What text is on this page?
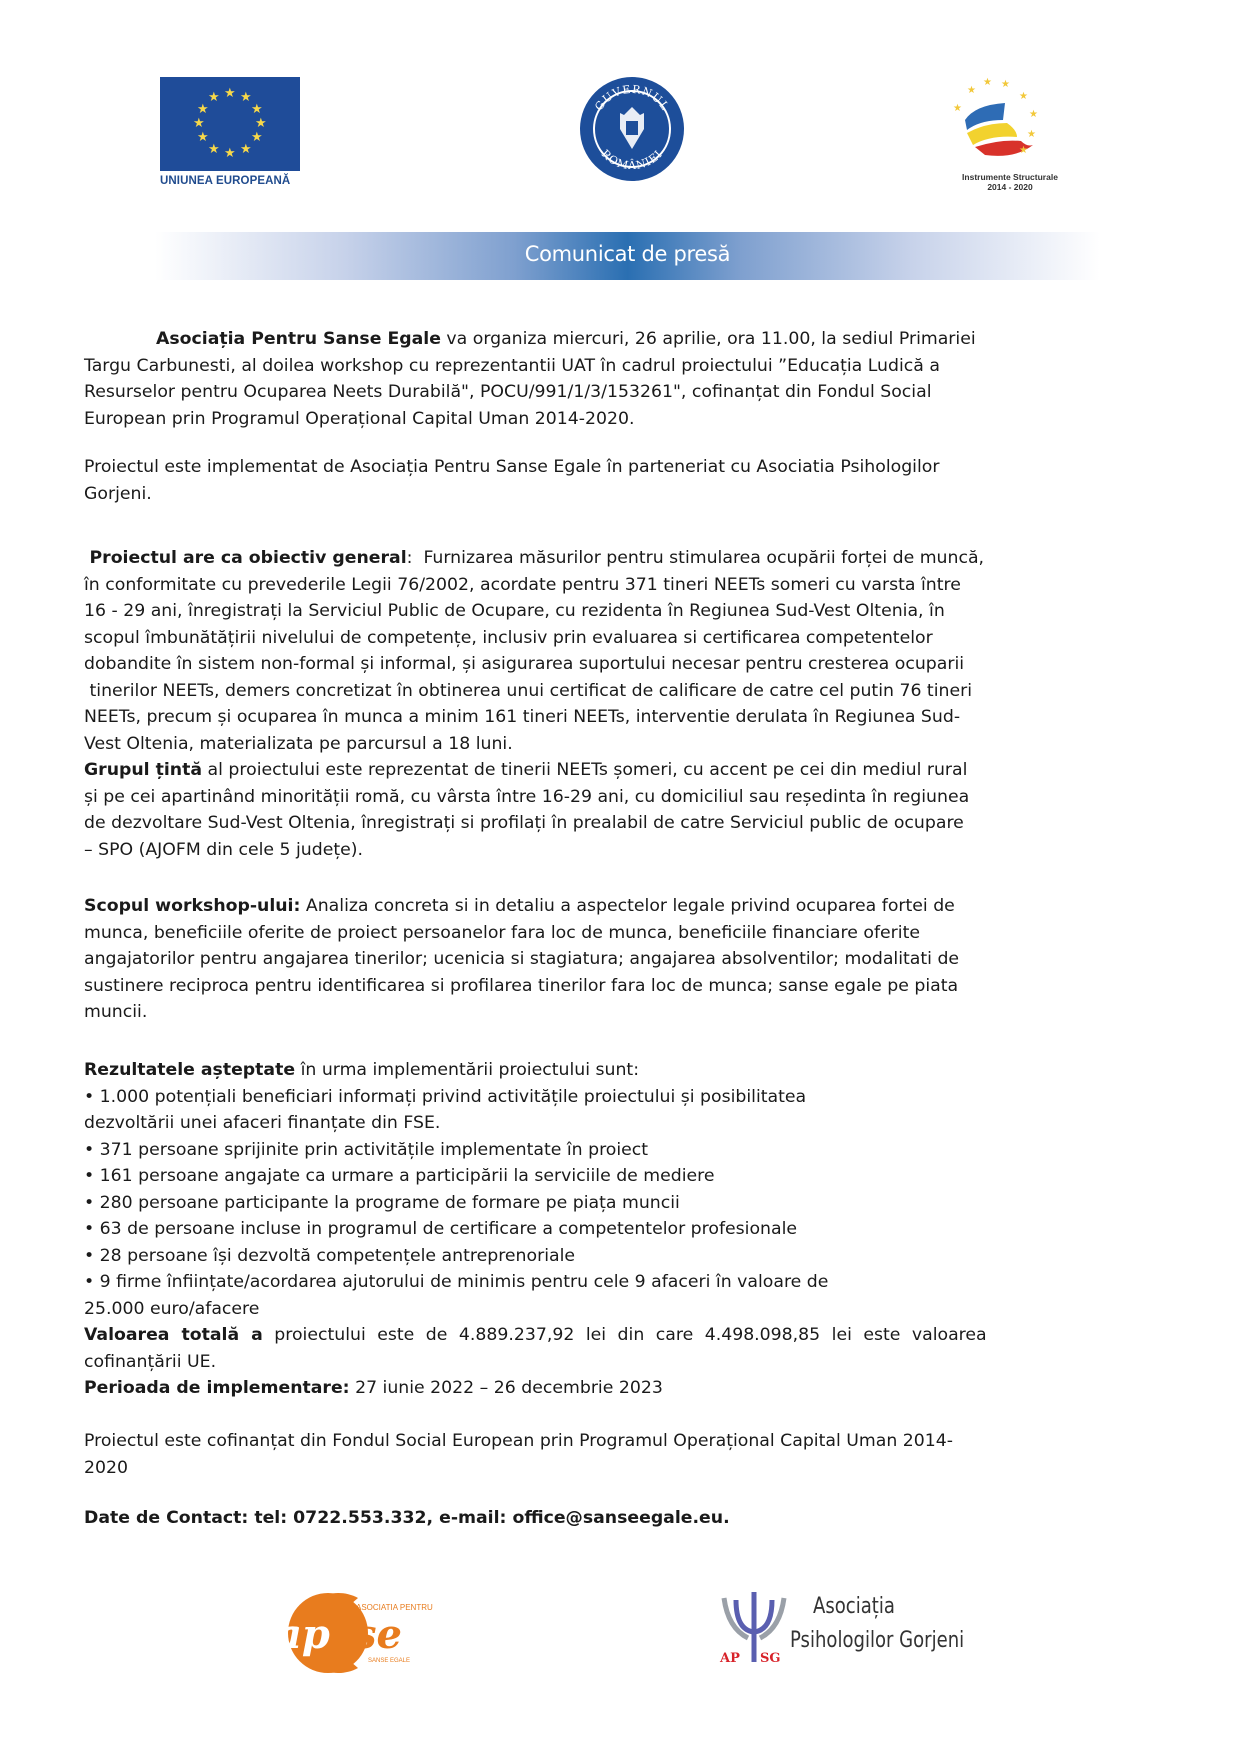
★ ★
★
★
★
★
★
★
★
★
★
★
UNIUNEA EUROPEANĂ
GUVERNUL
ROMÂNIEI
★
★
★ ★
★
★
★
★
Instrumente Structurale
2014 - 2020
Comunicat de presă
Asociația Pentru Sanse Egale va organiza miercuri, 26 aprilie, ora 11.00, la sediul Primariei
Targu Carbunesti, al doilea workshop cu reprezentantii UAT în cadrul proiectului ”Educația Ludică a
Resurselor pentru Ocuparea Neets Durabilă", POCU/991/1/3/153261", cofinanțat din Fondul Social
European prin Programul Operațional Capital Uman 2014-2020.
Proiectul este implementat de Asociația Pentru Sanse Egale în parteneriat cu Asociatia Psihologilor
Gorjeni.
Proiectul are ca obiectiv general:  Furnizarea măsurilor pentru stimularea ocupării forței de muncă,
în conformitate cu prevederile Legii 76/2002, acordate pentru 371 tineri NEETs someri cu varsta între
16 - 29 ani, înregistrați la Serviciul Public de Ocupare, cu rezidenta în Regiunea Sud-Vest Oltenia, în
scopul îmbunătățirii nivelului de competențe, inclusiv prin evaluarea si certificarea competentelor
dobandite în sistem non-formal și informal, și asigurarea suportului necesar pentru cresterea ocuparii
tinerilor NEETs, demers concretizat în obtinerea unui certificat de calificare de catre cel putin 76 tineri
NEETs, precum și ocuparea în munca a minim 161 tineri NEETs, interventie derulata în Regiunea Sud-
Vest Oltenia, materializata pe parcursul a 18 luni.
Grupul țintă al proiectului este reprezentat de tinerii NEETs șomeri, cu accent pe cei din mediul rural
și pe cei apartinând minorității romă, cu vârsta între 16-29 ani, cu domiciliul sau reședinta în regiunea
de dezvoltare Sud-Vest Oltenia, înregistrați si profilați în prealabil de catre Serviciul public de ocupare
– SPO (AJOFM din cele 5 județe).
Scopul workshop-ului: Analiza concreta si in detaliu a aspectelor legale privind ocuparea fortei de
munca, beneficiile oferite de proiect persoanelor fara loc de munca, beneficiile financiare oferite
angajatorilor pentru angajarea tinerilor; ucenicia si stagiatura; angajarea absolventilor; modalitati de
sustinere reciproca pentru identificarea si profilarea tinerilor fara loc de munca; sanse egale pe piata
muncii.
Rezultatele așteptate în urma implementării proiectului sunt:
• 1.000 potențiali beneficiari informați privind activitățile proiectului și posibilitatea
dezvoltării unei afaceri finanțate din FSE.
• 371 persoane sprijinite prin activitățile implementate în proiect
• 161 persoane angajate ca urmare a participării la serviciile de mediere
• 280 persoane participante la programe de formare pe piața muncii
• 63 de persoane incluse in programul de certificare a competentelor profesionale
• 28 persoane își dezvoltă competențele antreprenoriale
• 9 firme înființate/acordarea ajutorului de minimis pentru cele 9 afaceri în valoare de
25.000 euro/afacere
Valoarea totală a proiectului este de 4.889.237,92 lei din care 4.498.098,85 lei este valoarea
cofinanțării UE.
Perioada de implementare: 27 iunie 2022 – 26 decembrie 2023
Proiectul este cofinanțat din Fondul Social European prin Programul Operațional Capital Uman 2014-
2020
Date de Contact: tel: 0722.553.332, e-mail: office@sanseegale.eu.
ap se
ASOCIATIA PENTRU
SANSE EGALE	AP SG
Asociația
Psihologilor Gorjeni
